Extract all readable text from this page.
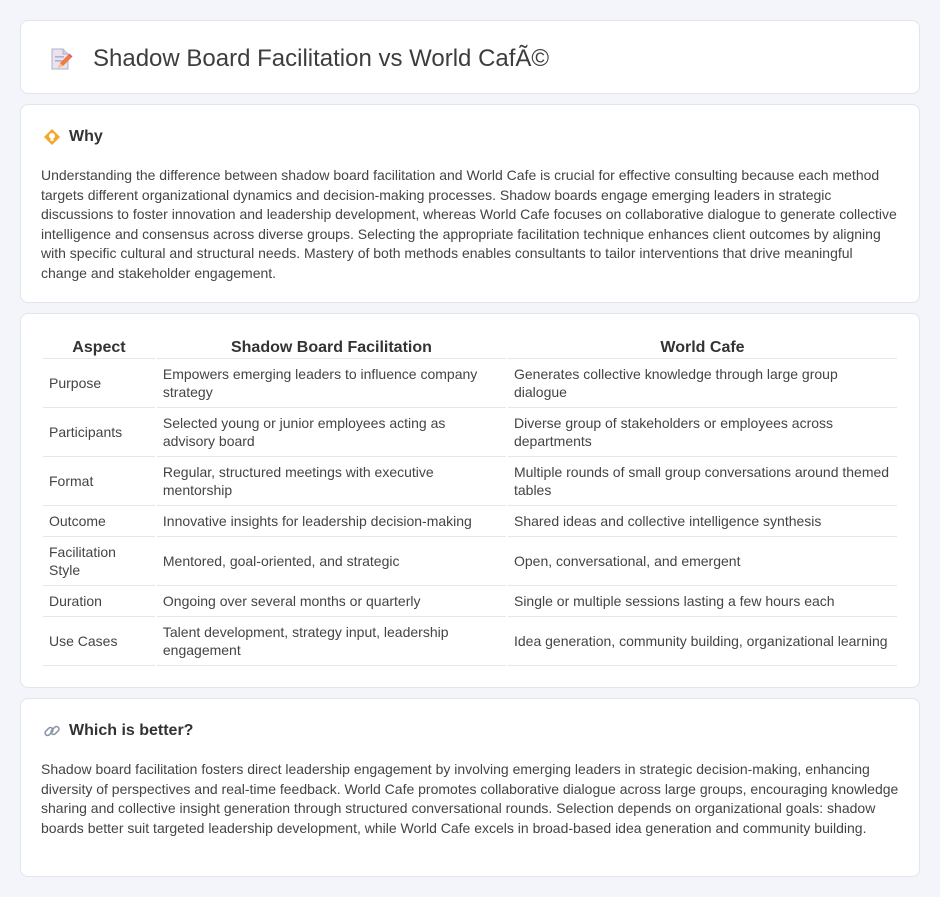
Shadow Board Facilitation vs World CafÃ©
Why

Understanding the difference between shadow board facilitation and World Cafe is crucial for effective consulting because each method targets different organizational dynamics and decision-making processes. Shadow boards engage emerging leaders in strategic discussions to foster innovation and leadership development, whereas World Cafe focuses on collaborative dialogue to generate collective intelligence and consensus across diverse groups. Selecting the appropriate facilitation technique enhances client outcomes by aligning with specific cultural and structural needs. Mastery of both methods enables consultants to tailor interventions that drive meaningful change and stakeholder engagement.

Aspect	Shadow Board Facilitation	World Cafe
Purpose	Empowers emerging leaders to influence company strategy	Generates collective knowledge through large group dialogue
Participants	Selected young or junior employees acting as advisory board	Diverse group of stakeholders or employees across departments
Format	Regular, structured meetings with executive mentorship	Multiple rounds of small group conversations around themed tables
Outcome	Innovative insights for leadership decision-making	Shared ideas and collective intelligence synthesis
Facilitation Style	Mentored, goal-oriented, and strategic	Open, conversational, and emergent
Duration	Ongoing over several months or quarterly	Single or multiple sessions lasting a few hours each
Use Cases	Talent development, strategy input, leadership engagement	Idea generation, community building, organizational learning
Which is better?

Shadow board facilitation fosters direct leadership engagement by involving emerging leaders in strategic decision-making, enhancing diversity of perspectives and real-time feedback. World Cafe promotes collaborative dialogue across large groups, encouraging knowledge sharing and collective insight generation through structured conversational rounds. Selection depends on organizational goals: shadow boards better suit targeted leadership development, while World Cafe excels in broad-based idea generation and community building.
